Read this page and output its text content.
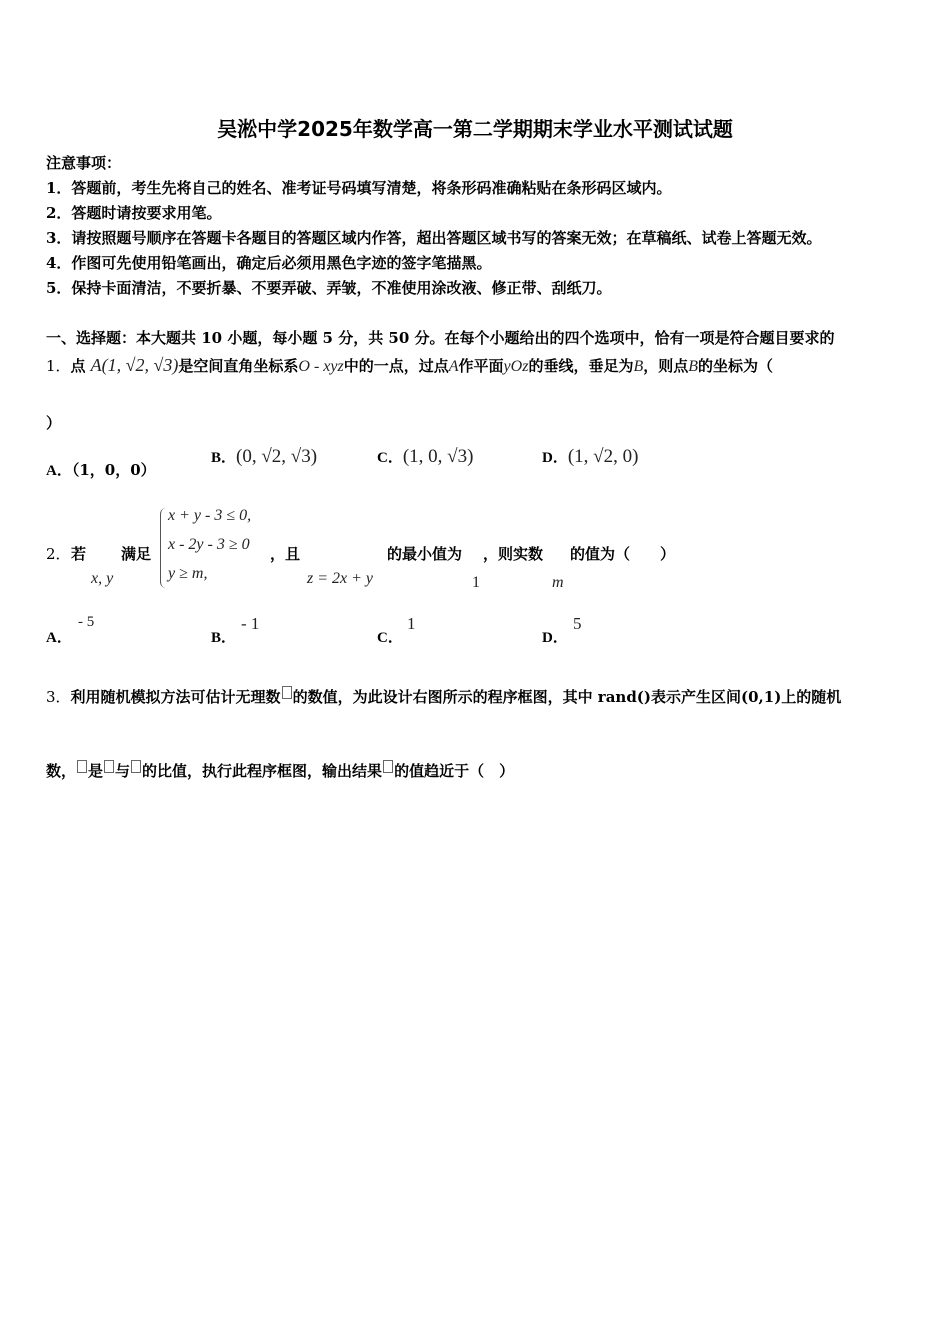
吴淞中学2025年数学高一第二学期期末学业水平测试试题
注意事项：
1．答题前，考生先将自己的姓名、准考证号码填写清楚，将条形码准确粘贴在条形码区域内。
2．答题时请按要求用笔。
3．请按照题号顺序在答题卡各题目的答题区域内作答，超出答题区域书写的答案无效；在草稿纸、试卷上答题无效。
4．作图可先使用铅笔画出，确定后必须用黑色字迹的签字笔描黑。
5．保持卡面清洁，不要折暴、不要弄破、弄皱，不准使用涂改液、修正带、刮纸刀。
一、选择题：本大题共 10 小题，每小题 5 分，共 50 分。在每个小题给出的四个选项中，恰有一项是符合题目要求的
1．点 A(1, √2, √3)是空间直角坐标系O - xyz中的一点，过点A作平面yOz的垂线，垂足为B，则点B的坐标为（
）
A．（1，0，0）
B．(0, √2, √3)	C．(1, 0, √3)	D．(1, √2, 0)
2． 若
x, y
满足
x + y - 3 ≤ 0,
x - 2y - 3 ≥ 0
y ≥ m,
，且
z = 2x + y
的最小值为
1
，则实数
m
的值为（　　）
A．
- 5
B．
- 1
C．
1
D．
5
3．利用随机模拟方法可估计无理数 的数值，为此设计右图所示的程序框图，其中 rand()表示产生区间(0,1)上的随机
数， 是 与 的比值，执行此程序框图，输出结果 的值趋近于（　）
